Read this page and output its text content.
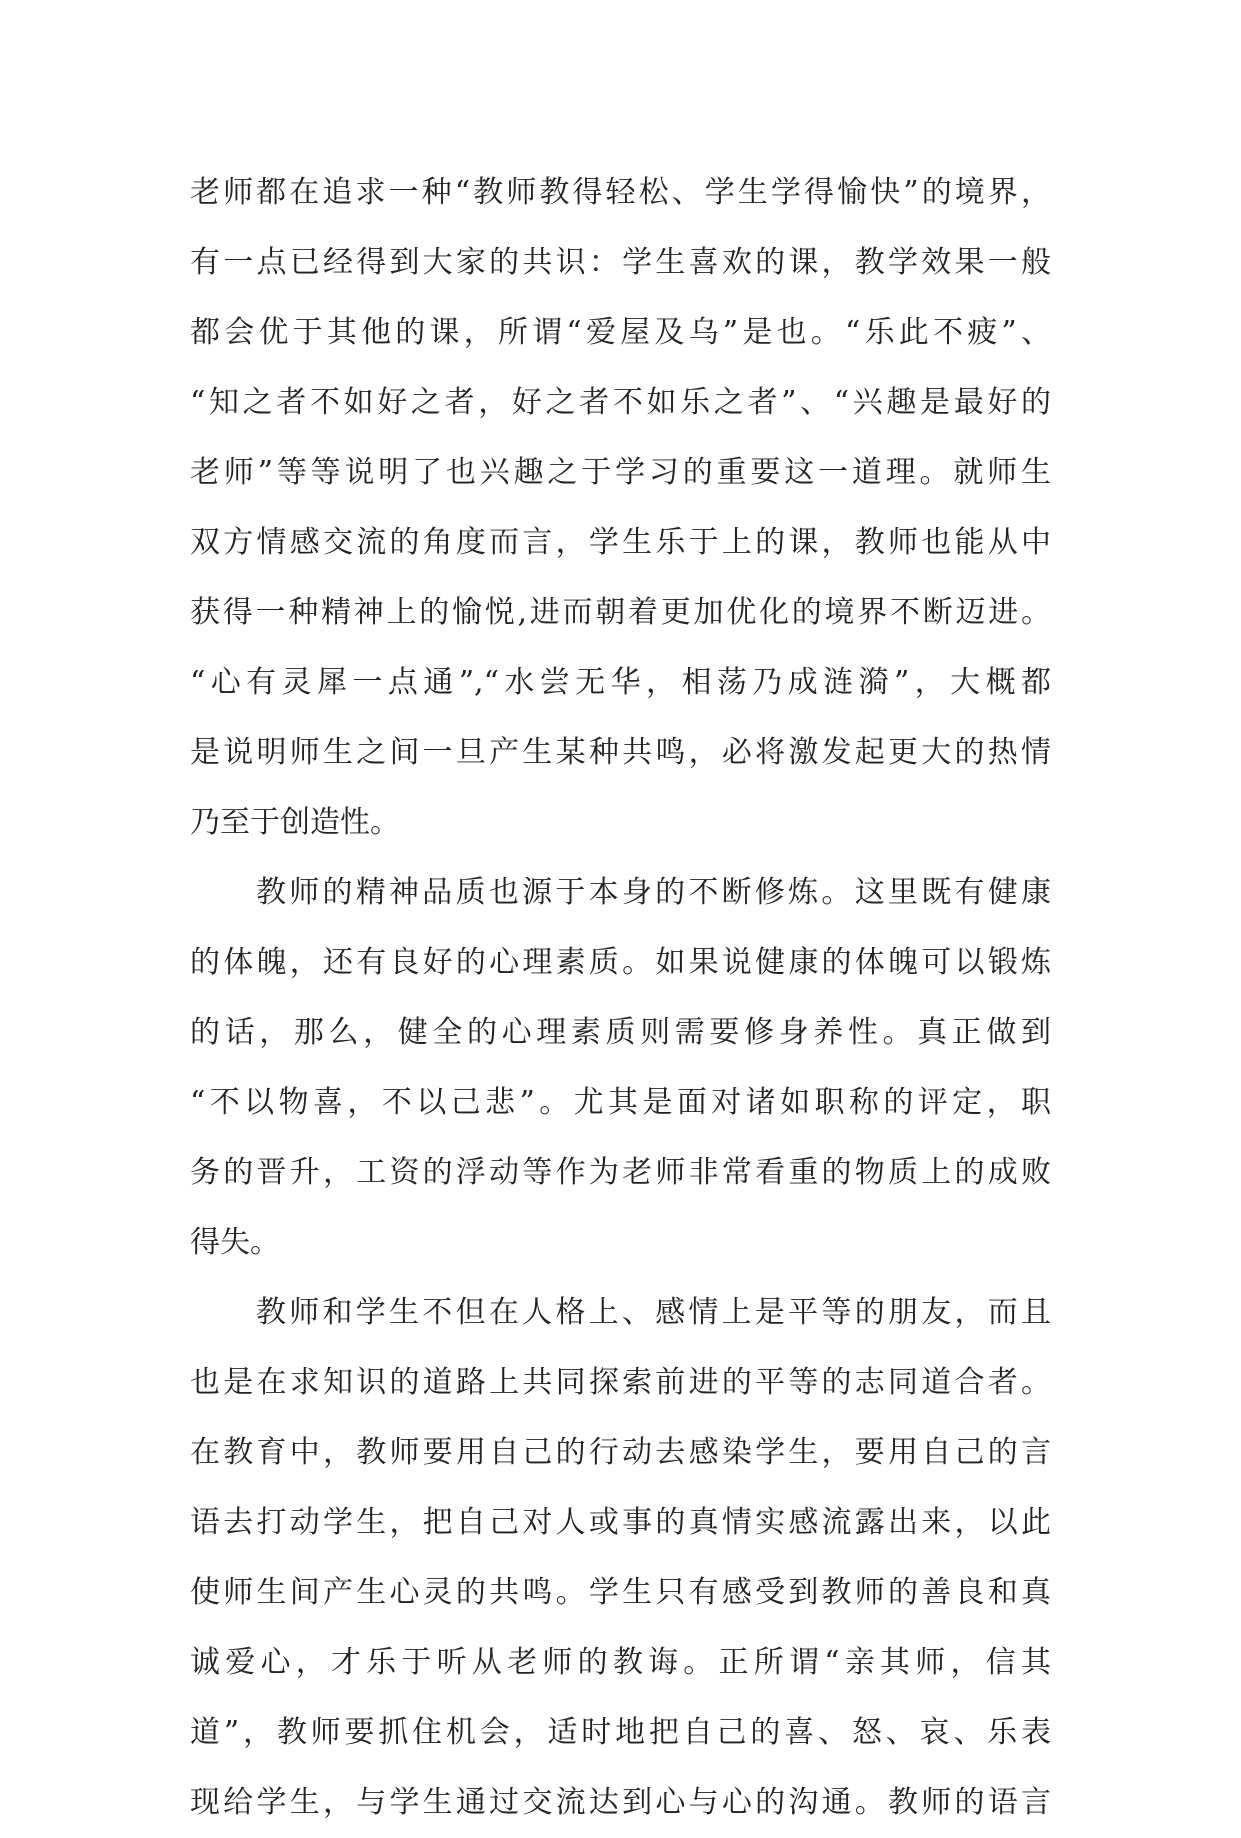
老师都在追求一种“教师教得轻松、学生学得愉快”的境界，
有一点已经得到大家的共识：学生喜欢的课，教学效果一般
都会优于其他的课，所谓“爱屋及乌”是也。“乐此不疲”、
“知之者不如好之者，好之者不如乐之者”、“兴趣是最好的
老师”等等说明了也兴趣之于学习的重要这一道理。就师生
双方情感交流的角度而言，学生乐于上的课，教师也能从中
获得一种精神上的愉悦,进而朝着更加优化的境界不断迈进。
“心有灵犀一点通”,“水尝无华，相荡乃成涟漪”，大概都
是说明师生之间一旦产生某种共鸣，必将激发起更大的热情
乃至于创造性。
教师的精神品质也源于本身的不断修炼。这里既有健康
的体魄，还有良好的心理素质。如果说健康的体魄可以锻炼
的话，那么，健全的心理素质则需要修身养性。真正做到
“不以物喜，不以己悲”。尤其是面对诸如职称的评定，职
务的晋升，工资的浮动等作为老师非常看重的物质上的成败
得失。
教师和学生不但在人格上、感情上是平等的朋友，而且
也是在求知识的道路上共同探索前进的平等的志同道合者。
在教育中，教师要用自己的行动去感染学生，要用自己的言
语去打动学生，把自己对人或事的真情实感流露出来，以此
使师生间产生心灵的共鸣。学生只有感受到教师的善良和真
诚爱心，才乐于听从老师的教诲。正所谓“亲其师，信其
道”，教师要抓住机会，适时地把自己的喜、怒、哀、乐表
现给学生，与学生通过交流达到心与心的沟通。教师的语言
